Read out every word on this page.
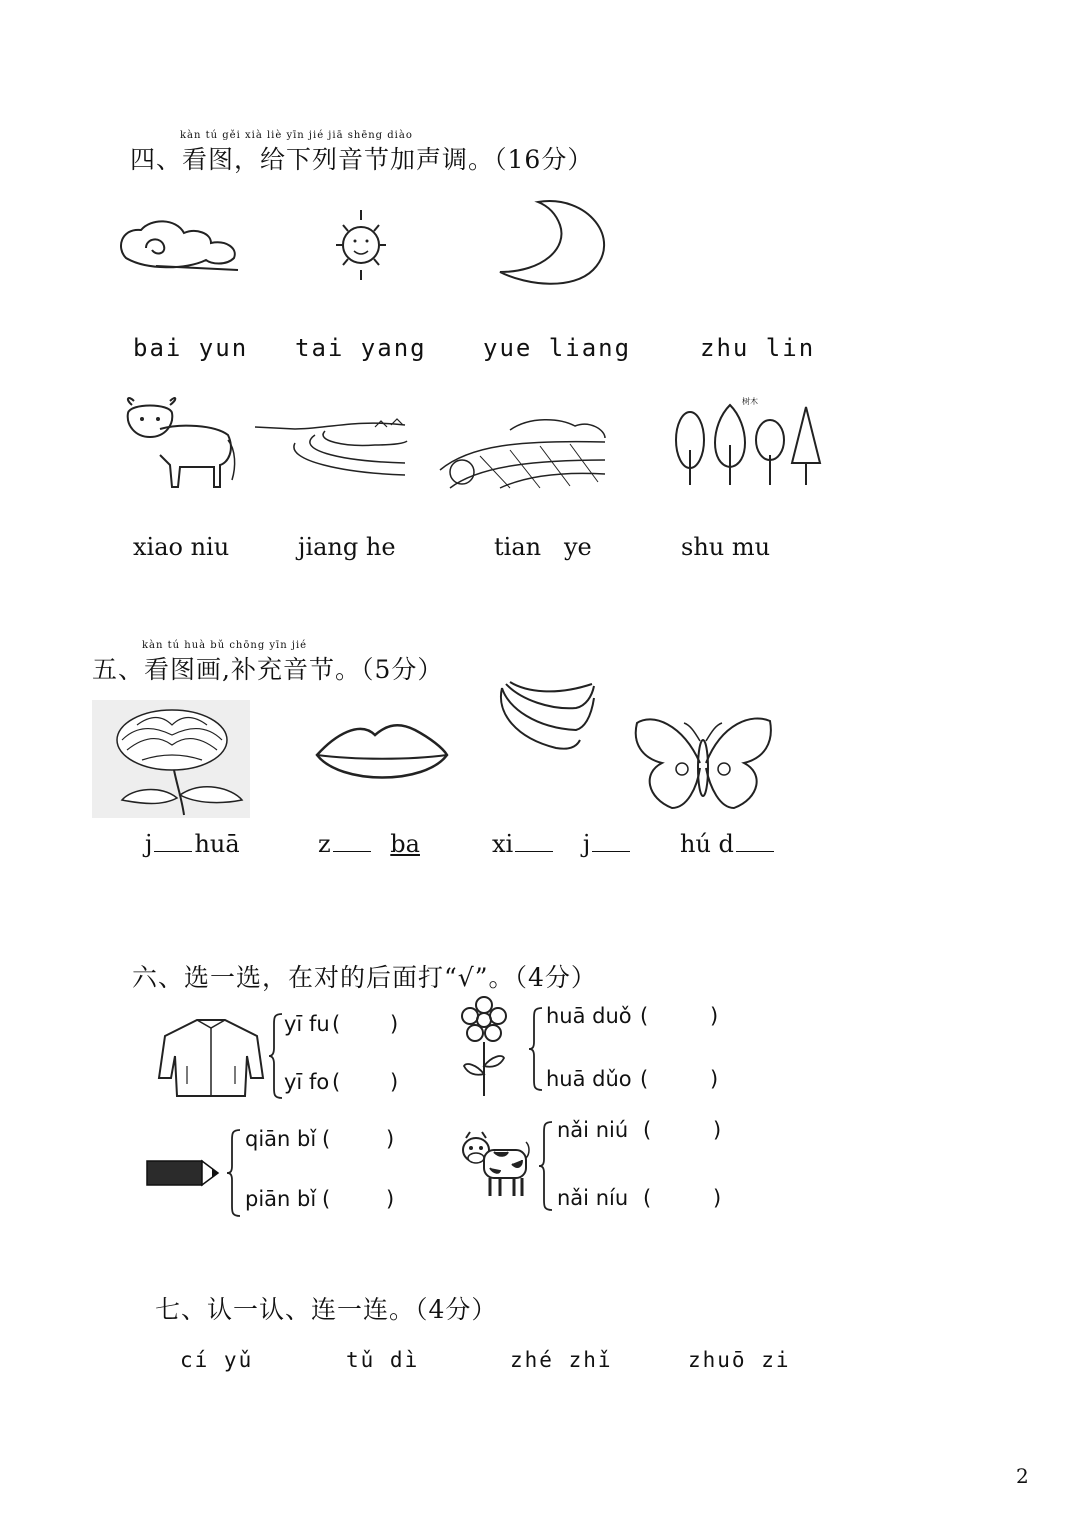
kàn tú gěi xià liè yīn jié jiā shēng diào
四、看图，给下列音节加声调。（16分）
bai yun tai yang yue liang	zhu lin
树木
xiao niu	jiang he	tian   ye	shu mu
kàn tú huà bǔ chōng yīn jié
五、看图画,补充音节。（5分）
j huā	z ba	xi	j	hú d
六、选一选，在对的后面打“√”。（4分）
yī fu ( )
yī fo ( )
huā duǒ (	)
huā dǔo (	)
qiān bǐ (	)
piān bǐ (	)
nǎi niú (	)
nǎi níu (	)
七、认一认、连一连。（4分）
cí yǔ	tǔ dì	zhé zhǐ	zhuō zi
2
